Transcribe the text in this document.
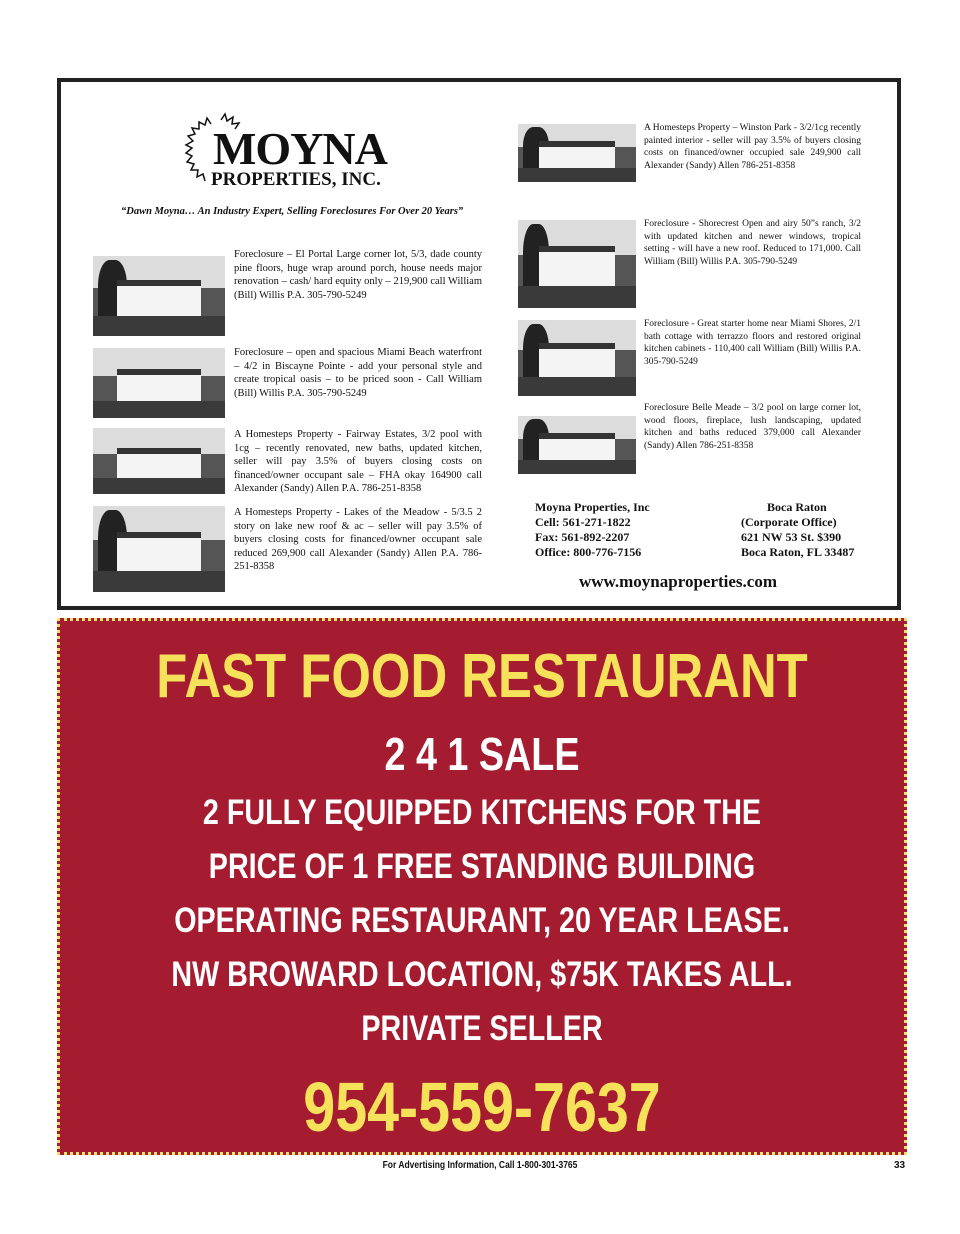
MOYNA
PROPERTIES, INC.
“Dawn Moyna… An Industry Expert, Selling Foreclosures For Over 20 Years”
Foreclosure – El Portal Large corner lot, 5/3, dade county pine floors, huge wrap around porch, house needs major renovation – cash/ hard equity only – 219,900 call William (Bill) Willis P.A. 305-790-5249
Foreclosure – open and spacious Miami Beach waterfront – 4/2 in Biscayne Pointe - add your personal style and create tropical oasis – to be priced soon - Call William (Bill) Willis P.A. 305-790-5249
A Homesteps Property - Fairway Estates, 3/2 pool with 1cg – recently renovated, new baths, updated kitchen, seller will pay 3.5% of buyers closing costs on financed/owner occupant sale – FHA okay 164900 call Alexander (Sandy) Allen P.A. 786-251-8358
A Homesteps Property - Lakes of the Meadow - 5/3.5 2 story on lake new roof & ac – seller will pay 3.5% of buyers closing costs for financed/owner occupant sale reduced 269,900 call Alexander (Sandy) Allen P.A. 786-251-8358
A Homesteps Property – Winston Park - 3/2/1cg recently painted interior - seller will pay 3.5% of buyers closing costs on financed/owner occupied sale 249,900 call Alexander (Sandy) Allen 786-251-8358
Foreclosure - Shorecrest Open and airy 50”s ranch, 3/2 with updated kitchen and newer windows, tropical setting - will have a new roof. Reduced to 171,000. Call William (Bill) Willis P.A. 305-790-5249
Foreclosure - Great starter home near Miami Shores, 2/1 bath cottage with terrazzo floors and restored original kitchen cabinets - 110,400 call William (Bill) Willis P.A. 305-790-5249
Foreclosure Belle Meade – 3/2 pool on large corner lot, wood floors, fireplace, lush landscaping, updated kitchen and baths reduced 379,000 call Alexander (Sandy) Allen 786-251-8358
Moyna Properties, Inc
Cell: 561-271-1822
Fax: 561-892-2207
Office: 800-776-7156
Boca Raton
(Corporate Office)
621 NW 53 St. $390
Boca Raton, FL 33487
www.moynaproperties.com
FAST FOOD RESTAURANT
2 4 1 SALE
2 FULLY EQUIPPED KITCHENS FOR THE
PRICE OF 1 FREE STANDING BUILDING
OPERATING RESTAURANT, 20 YEAR LEASE.
NW BROWARD LOCATION, $75K TAKES ALL.
PRIVATE SELLER
954-559-7637
For Advertising Information, Call 1-800-301-3765	33
